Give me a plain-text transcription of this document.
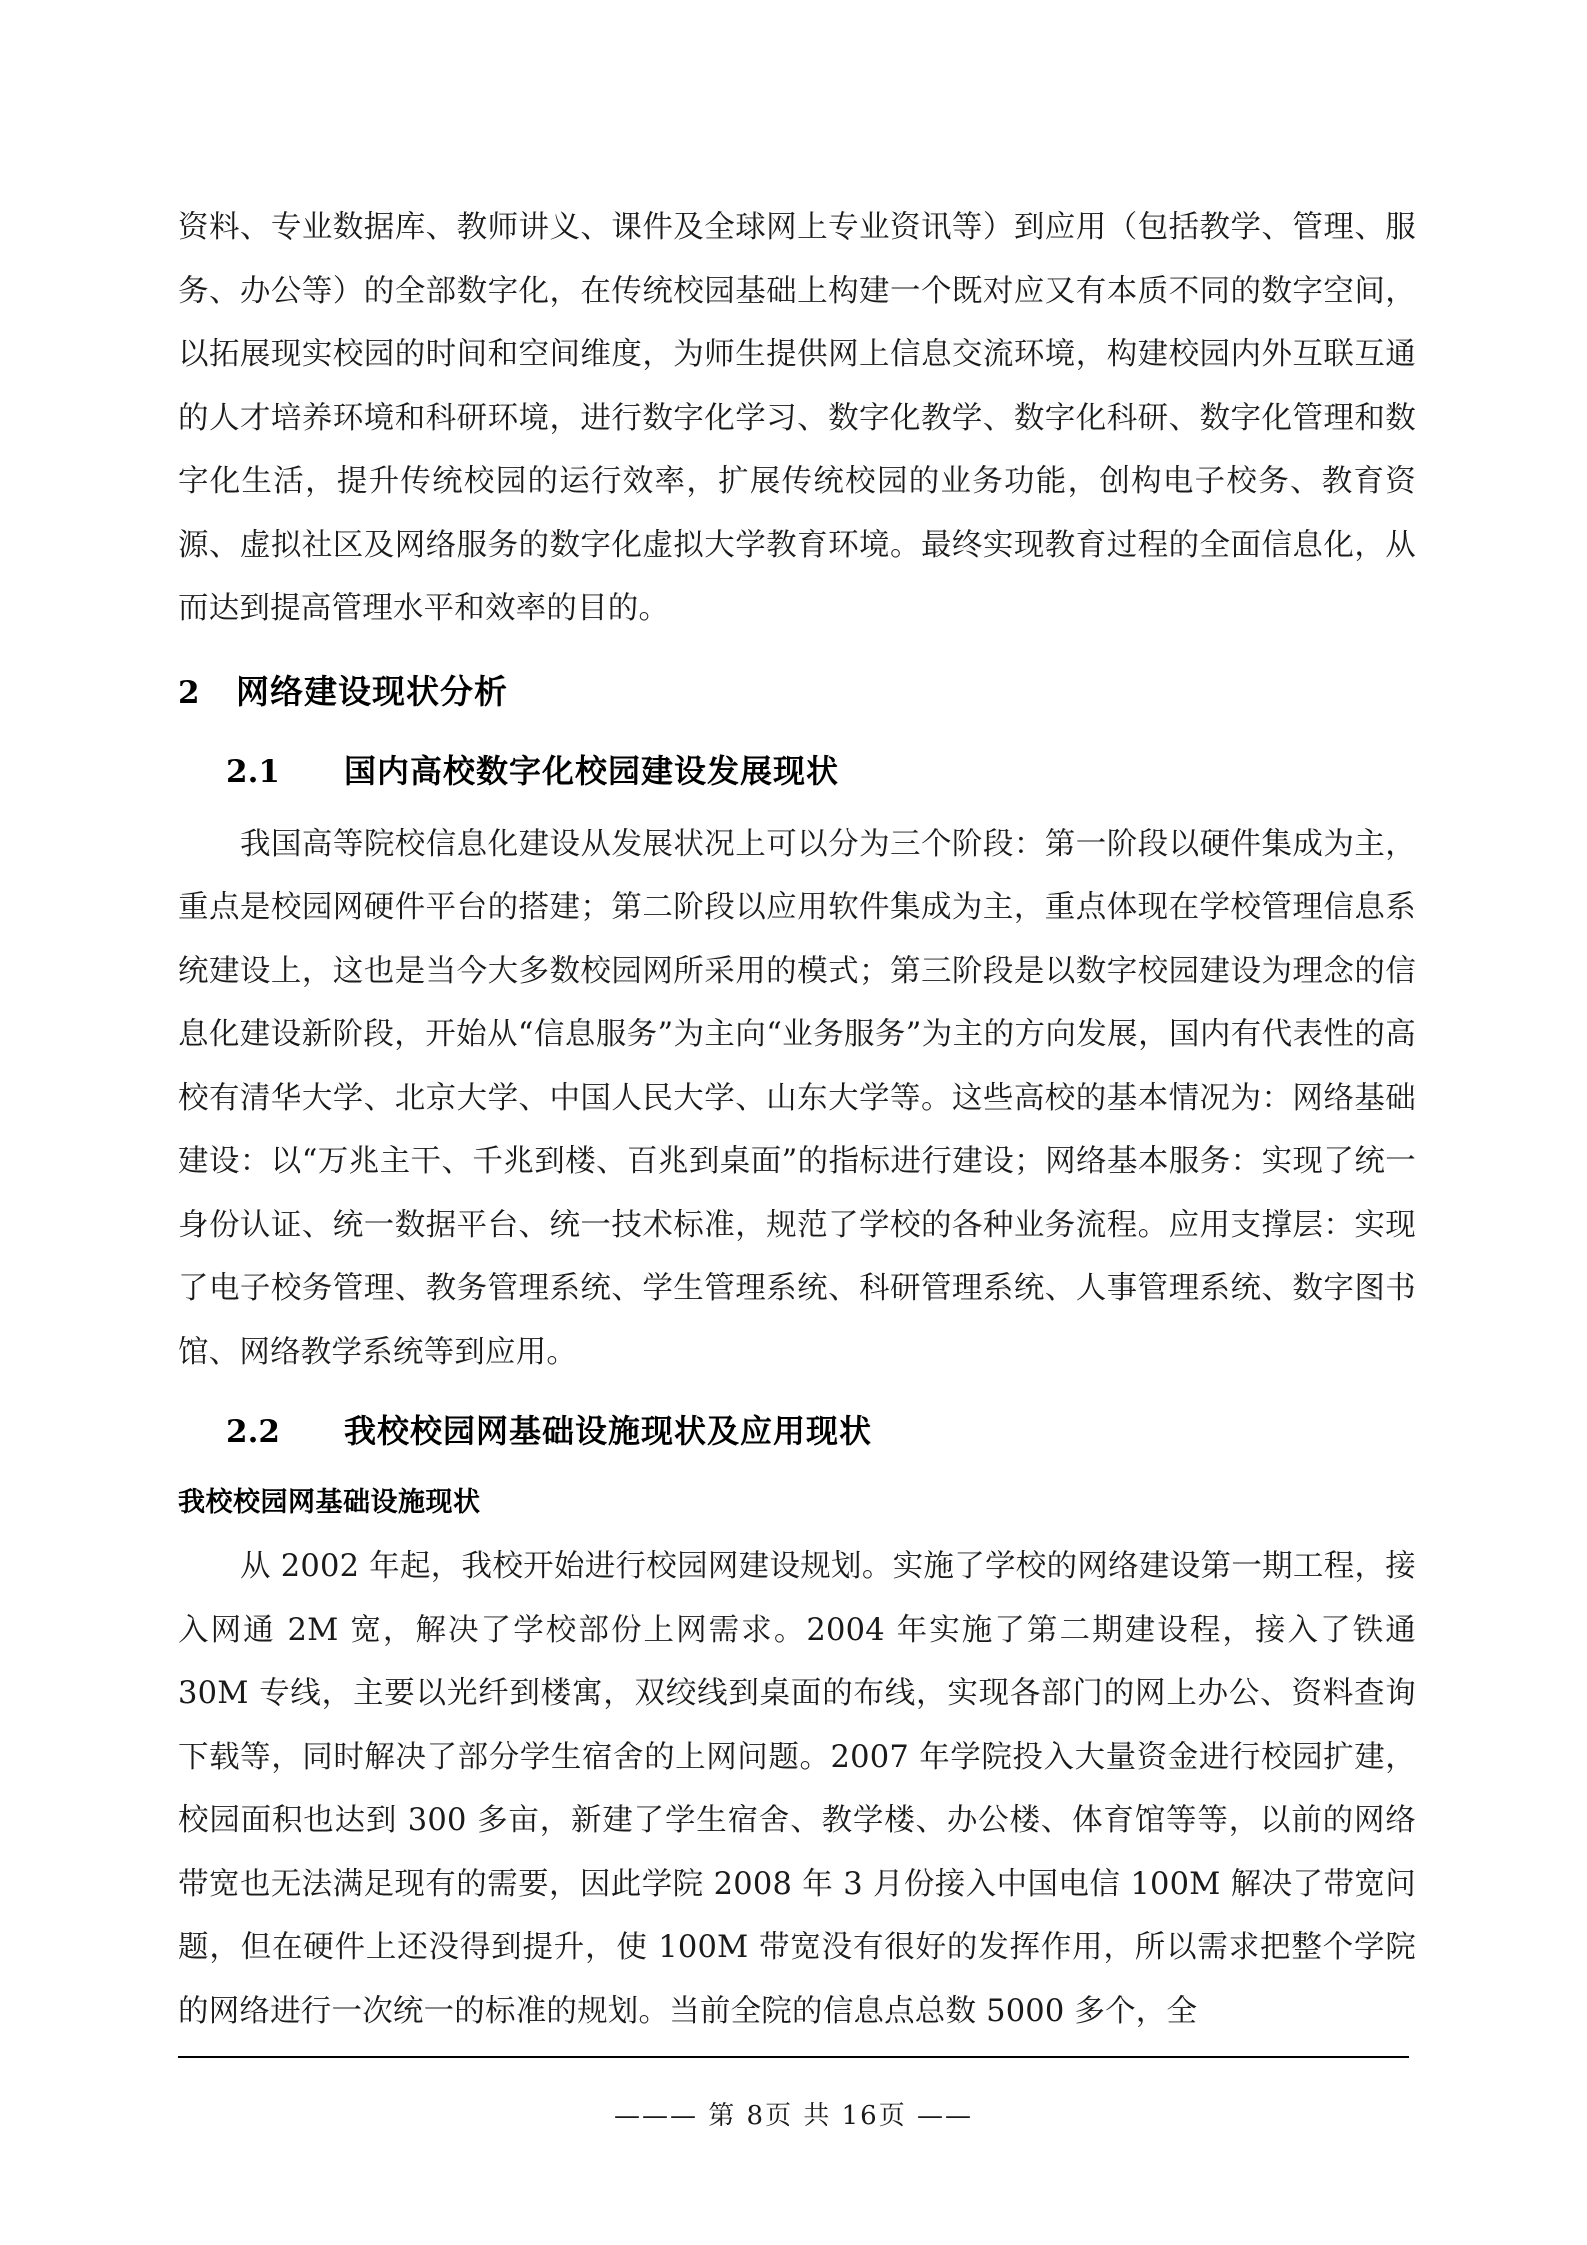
资料、专业数据库、教师讲义、课件及全球网上专业资讯等）到应用（包括教学、管理、服务、办公等）的全部数字化，在传统校园基础上构建一个既对应又有本质不同的数字空间，以拓展现实校园的时间和空间维度，为师生提供网上信息交流环境，构建校园内外互联互通的人才培养环境和科研环境，进行数字化学习、数字化教学、数字化科研、数字化管理和数字化生活，提升传统校园的运行效率，扩展传统校园的业务功能，创构电子校务、教育资源、虚拟社区及网络服务的数字化虚拟大学教育环境。最终实现教育过程的全面信息化，从而达到提高管理水平和效率的目的。

2	网络建设现状分析
2.1	国内高校数字化校园建设发展现状

我国高等院校信息化建设从发展状况上可以分为三个阶段：第一阶段以硬件集成为主，重点是校园网硬件平台的搭建；第二阶段以应用软件集成为主，重点体现在学校管理信息系统建设上，这也是当今大多数校园网所采用的模式；第三阶段是以数字校园建设为理念的信息化建设新阶段，开始从“信息服务”为主向“业务服务”为主的方向发展，国内有代表性的高校有清华大学、北京大学、中国人民大学、山东大学等。这些高校的基本情况为：网络基础建设：以“万兆主干、千兆到楼、百兆到桌面”的指标进行建设；网络基本服务：实现了统一身份认证、统一数据平台、统一技术标准，规范了学校的各种业务流程。应用支撑层：实现了电子校务管理、教务管理系统、学生管理系统、科研管理系统、人事管理系统、数字图书馆、网络教学系统等到应用。

2.2	我校校园网基础设施现状及应用现状
我校校园网基础设施现状

从 2002 年起，我校开始进行校园网建设规划。实施了学校的网络建设第一期工程，接入网通 2M 宽，解决了学校部份上网需求。2004 年实施了第二期建设程，接入了铁通 30M 专线，主要以光纤到楼寓，双绞线到桌面的布线，实现各部门的网上办公、资料查询下载等，同时解决了部分学生宿舍的上网问题。2007 年学院投入大量资金进行校园扩建，校园面积也达到 300 多亩，新建了学生宿舍、教学楼、办公楼、体育馆等等，以前的网络带宽也无法满足现有的需要，因此学院 2008 年 3 月份接入中国电信 100M 解决了带宽问题，但在硬件上还没得到提升，使 100M 带宽没有很好的发挥作用，所以需求把整个学院的网络进行一次统一的标准的规划。当前全院的信息点总数 5000 多个，全

——— 第 8页 共 16页 ——
